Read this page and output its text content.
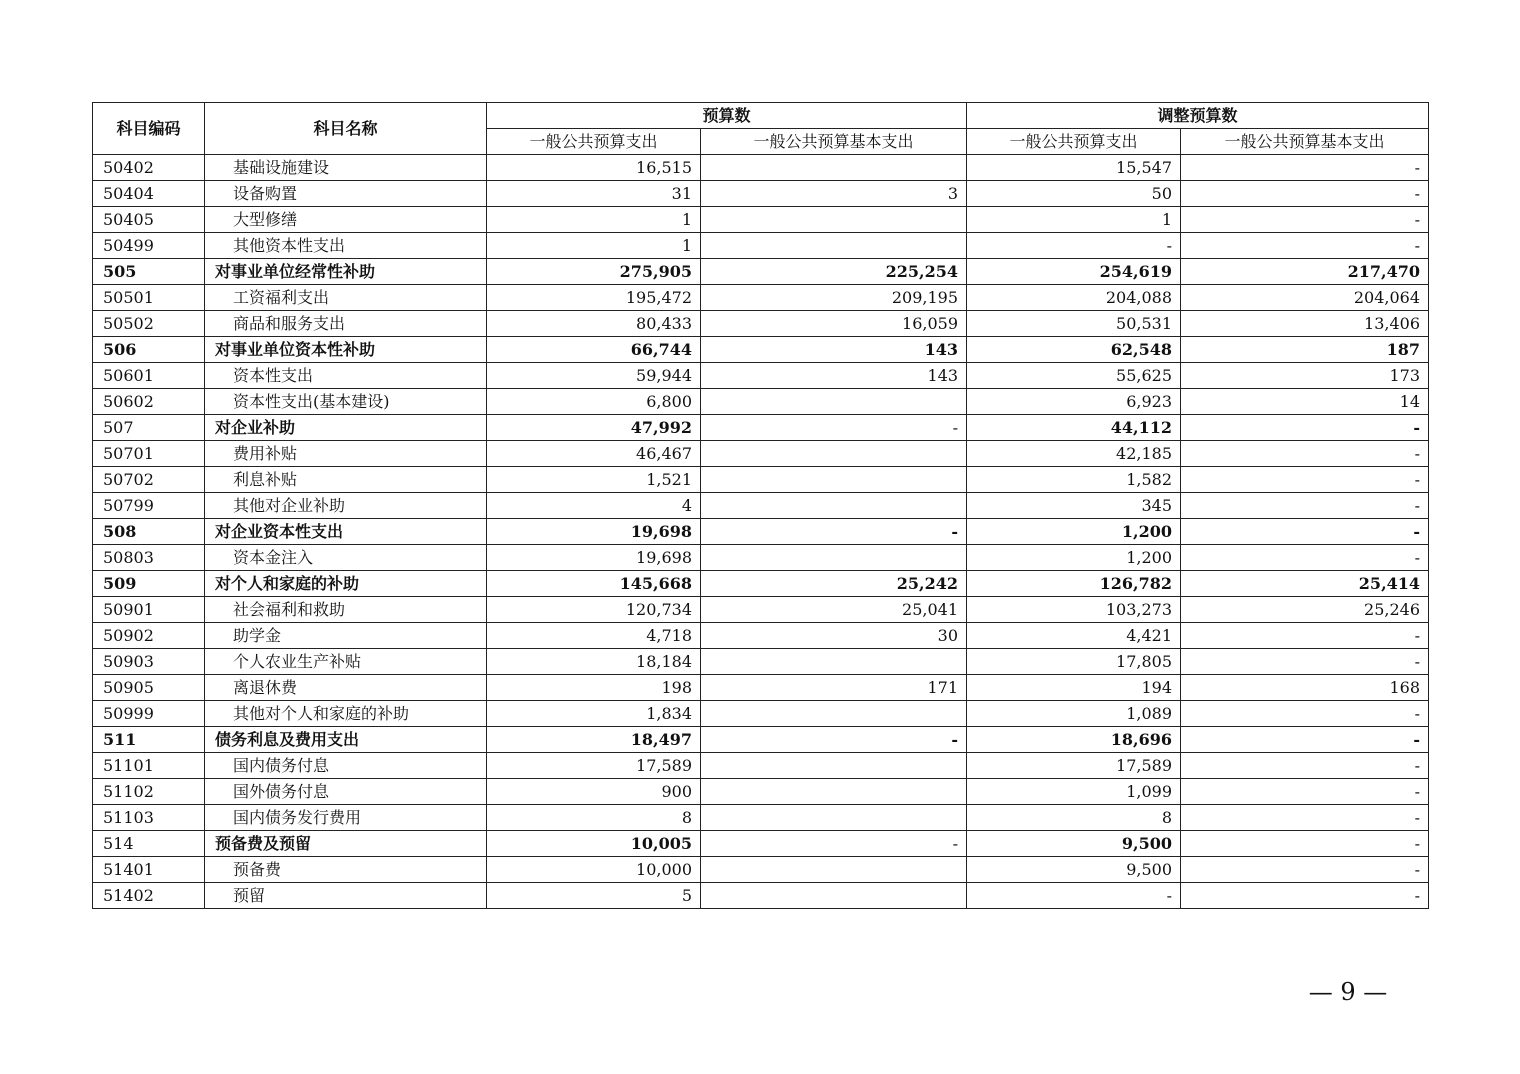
科目编码	科目名称	预算数		调整预算数	
		一般公共预算支出	一般公共预算基本支出	一般公共预算支出	一般公共预算基本支出
50402	基础设施建设	16,515		15,547	-
50404	设备购置	31	3	50	-
50405	大型修缮	1		1	-
50499	其他资本性支出	1		-	-
505	对事业单位经常性补助	275,905	225,254	254,619	217,470
50501	工资福利支出	195,472	209,195	204,088	204,064
50502	商品和服务支出	80,433	16,059	50,531	13,406
506	对事业单位资本性补助	66,744	143	62,548	187
50601	资本性支出	59,944	143	55,625	173
50602	资本性支出(基本建设)	6,800		6,923	14
507	对企业补助	47,992	-	44,112	-
50701	费用补贴	46,467		42,185	-
50702	利息补贴	1,521		1,582	-
50799	其他对企业补助	4		345	-
508	对企业资本性支出	19,698	-	1,200	-
50803	资本金注入	19,698		1,200	-
509	对个人和家庭的补助	145,668	25,242	126,782	25,414
50901	社会福利和救助	120,734	25,041	103,273	25,246
50902	助学金	4,718	30	4,421	-
50903	个人农业生产补贴	18,184		17,805	-
50905	离退休费	198	171	194	168
50999	其他对个人和家庭的补助	1,834		1,089	-
511	债务利息及费用支出	18,497	-	18,696	-
51101	国内债务付息	17,589		17,589	-
51102	国外债务付息	900		1,099	-
51103	国内债务发行费用	8		8	-
514	预备费及预留	10,005	-	9,500	-
51401	预备费	10,000		9,500	-
51402	预留	5		-	-
— 9 —
